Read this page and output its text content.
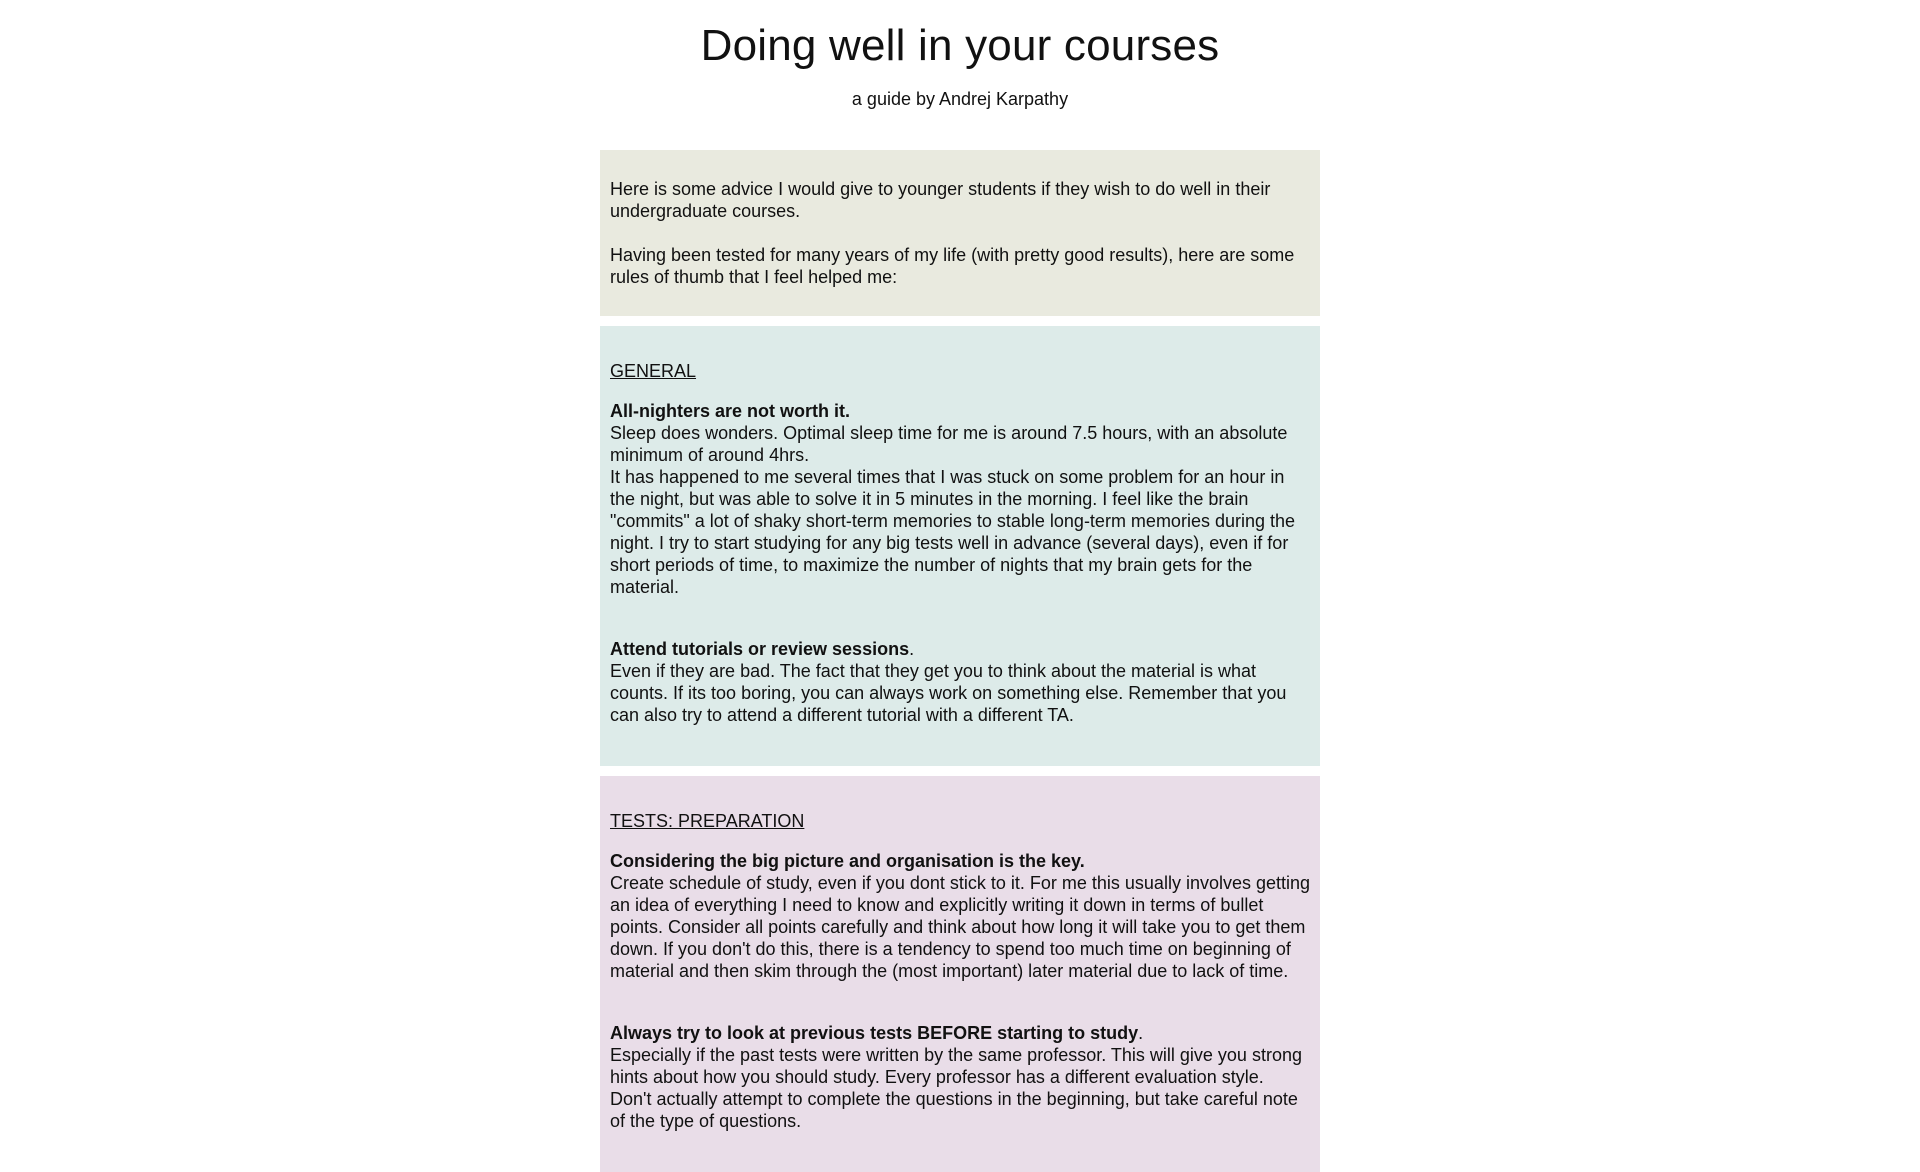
Doing well in your courses
a guide by Andrej Karpathy

Here is some advice I would give to younger students if they wish to do well in their undergraduate courses.

Having been tested for many years of my life (with pretty good results), here are some rules of thumb that I feel helped me:

GENERAL
All-nighters are not worth it.

Sleep does wonders. Optimal sleep time for me is around 7.5 hours, with an absolute minimum of around 4hrs.

It has happened to me several times that I was stuck on some problem for an hour in the night, but was able to solve it in 5 minutes in the morning. I feel like the brain "commits" a lot of shaky short-term memories to stable long-term memories during the night. I try to start studying for any big tests well in advance (several days), even if for short periods of time, to maximize the number of nights that my brain gets for the material.

Attend tutorials or review sessions.

Even if they are bad. The fact that they get you to think about the material is what counts. If its too boring, you can always work on something else. Remember that you can also try to attend a different tutorial with a different TA.

TESTS: PREPARATION
Considering the big picture and organisation is the key.

Create schedule of study, even if you dont stick to it. For me this usually involves getting an idea of everything I need to know and explicitly writing it down in terms of bullet points. Consider all points carefully and think about how long it will take you to get them down. If you don't do this, there is a tendency to spend too much time on beginning of material and then skim through the (most important) later material due to lack of time.

Always try to look at previous tests BEFORE starting to study.

Especially if the past tests were written by the same professor. This will give you strong hints about how you should study. Every professor has a different evaluation style. Don't actually attempt to complete the questions in the beginning, but take careful note of the type of questions.
